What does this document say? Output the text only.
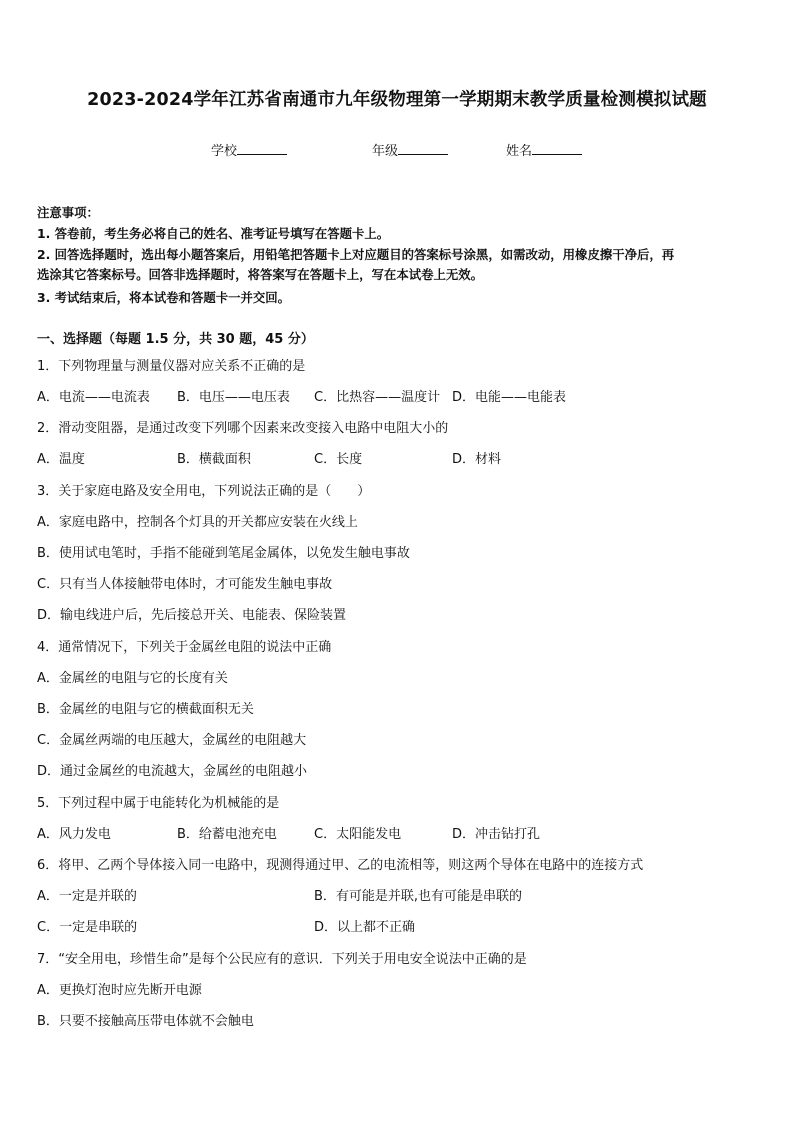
2023-2024学年江苏省南通市九年级物理第一学期期末教学质量检测模拟试题
学校	年级	姓名
注意事项：
1. 答卷前，考生务必将自己的姓名、准考证号填写在答题卡上。
2. 回答选择题时，选出每小题答案后，用铅笔把答题卡上对应题目的答案标号涂黑，如需改动，用橡皮擦干净后，再
选涂其它答案标号。回答非选择题时，将答案写在答题卡上，写在本试卷上无效。
3. 考试结束后，将本试卷和答题卡一并交回。
一、选择题（每题 1.5 分，共 30 题，45 分）
1．下列物理量与测量仪器对应关系不正确的是
A．电流——电流表 B．电压——电压表 C．比热容——温度计 D．电能——电能表
2．滑动变阻器，是通过改变下列哪个因素来改变接入电路中电阻大小的
A．温度	B．横截面积	C．长度	D．材料
3．关于家庭电路及安全用电，下列说法正确的是（　　）
A．家庭电路中，控制各个灯具的开关都应安装在火线上
B．使用试电笔时，手指不能碰到笔尾金属体，以免发生触电事故
C．只有当人体接触带电体时，才可能发生触电事故
D．输电线进户后，先后接总开关、电能表、保险装置
4．通常情况下，下列关于金属丝电阻的说法中正确
A．金属丝的电阻与它的长度有关
B．金属丝的电阻与它的横截面积无关
C．金属丝两端的电压越大，金属丝的电阻越大
D．通过金属丝的电流越大，金属丝的电阻越小
5．下列过程中属于电能转化为机械能的是
A．风力发电	B．给蓄电池充电	C．太阳能发电	D．冲击钻打孔
6．将甲、乙两个导体接入同一电路中，现测得通过甲、乙的电流相等，则这两个导体在电路中的连接方式
A．一定是并联的	B．有可能是并联,也有可能是串联的
C．一定是串联的	D．以上都不正确
7．“安全用电，珍惜生命”是每个公民应有的意识．下列关于用电安全说法中正确的是
A．更换灯泡时应先断开电源
B．只要不接触高压带电体就不会触电
